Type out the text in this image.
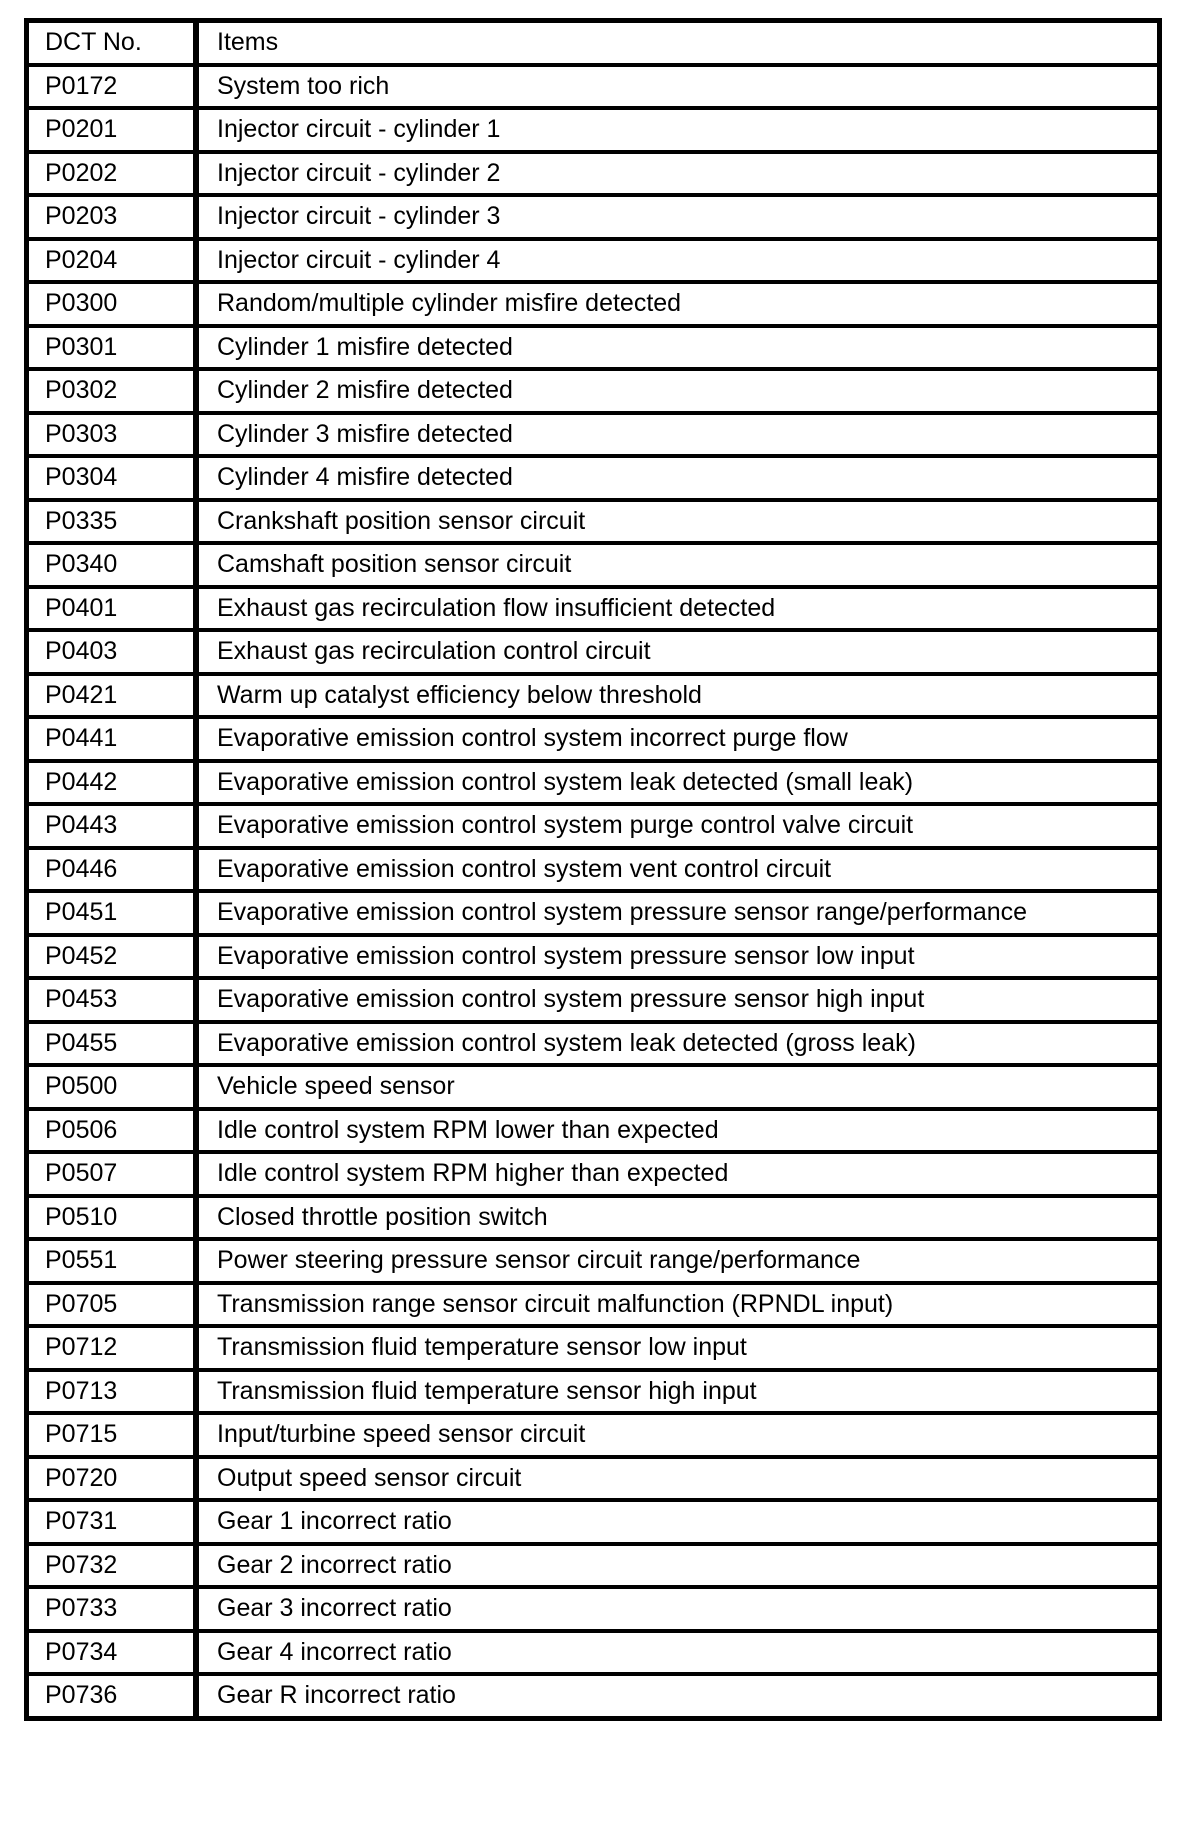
DCT No.	Items
P0172	System too rich
P0201	Injector circuit - cylinder 1
P0202	Injector circuit - cylinder 2
P0203	Injector circuit - cylinder 3
P0204	Injector circuit - cylinder 4
P0300	Random/multiple cylinder misfire detected
P0301	Cylinder 1 misfire detected
P0302	Cylinder 2 misfire detected
P0303	Cylinder 3 misfire detected
P0304	Cylinder 4 misfire detected
P0335	Crankshaft position sensor circuit
P0340	Camshaft position sensor circuit
P0401	Exhaust gas recirculation flow insufficient detected
P0403	Exhaust gas recirculation control circuit
P0421	Warm up catalyst efficiency below threshold
P0441	Evaporative emission control system incorrect purge flow
P0442	Evaporative emission control system leak detected (small leak)
P0443	Evaporative emission control system purge control valve circuit
P0446	Evaporative emission control system vent control circuit
P0451	Evaporative emission control system pressure sensor range/performance
P0452	Evaporative emission control system pressure sensor low input
P0453	Evaporative emission control system pressure sensor high input
P0455	Evaporative emission control system leak detected (gross leak)
P0500	Vehicle speed sensor
P0506	Idle control system RPM lower than expected
P0507	Idle control system RPM higher than expected
P0510	Closed throttle position switch
P0551	Power steering pressure sensor circuit range/performance
P0705	Transmission range sensor circuit malfunction (RPNDL input)
P0712	Transmission fluid temperature sensor low input
P0713	Transmission fluid temperature sensor high input
P0715	Input/turbine speed sensor circuit
P0720	Output speed sensor circuit
P0731	Gear 1 incorrect ratio
P0732	Gear 2 incorrect ratio
P0733	Gear 3 incorrect ratio
P0734	Gear 4 incorrect ratio
P0736	Gear R incorrect ratio
